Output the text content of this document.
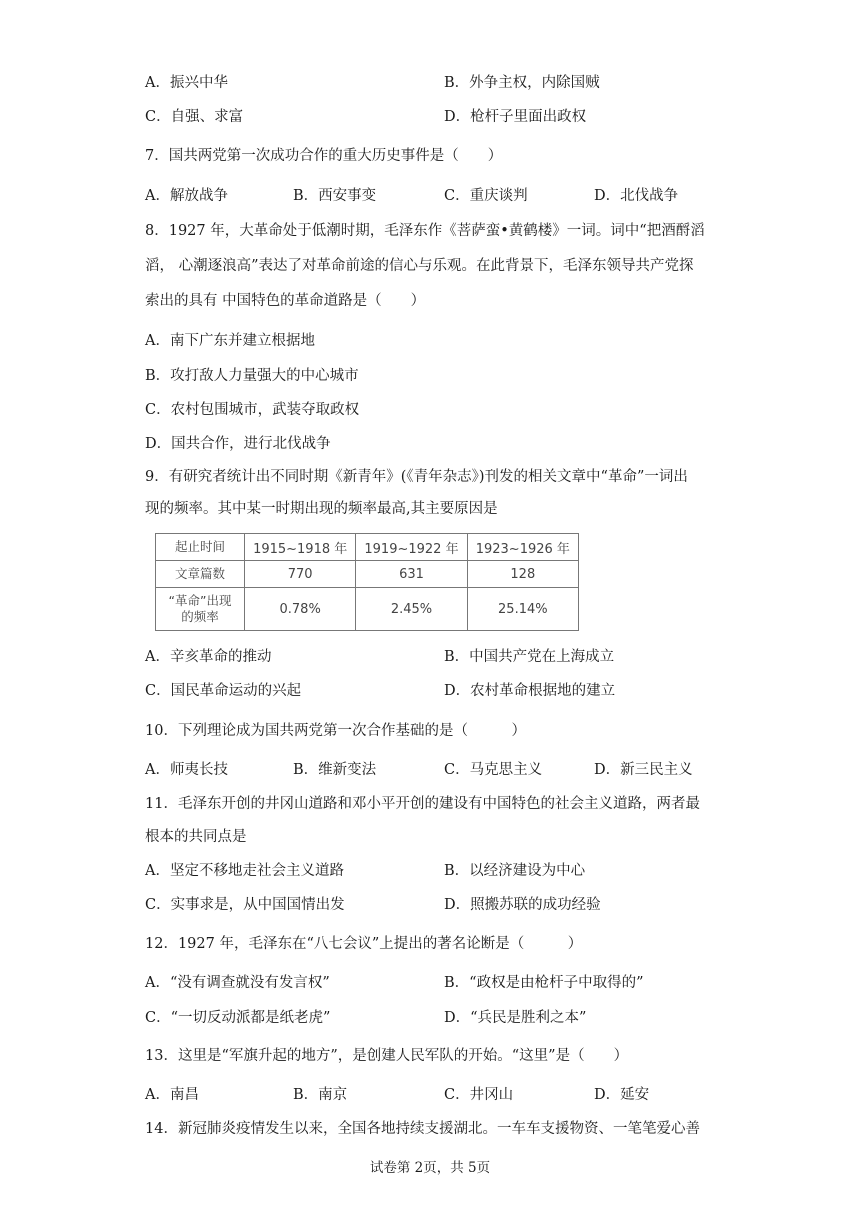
A．振兴中华	B．外争主权，内除国贼
C．自强、求富	D．枪杆子里面出政权
7．国共两党第一次成功合作的重大历史事件是（　　）
A．解放战争	B．西安事变	C．重庆谈判	D．北伐战争
8．1927 年，大革命处于低潮时期，毛泽东作《菩萨蛮•黄鹤楼》一词。词中“把酒酹滔
滔， 心潮逐浪高”表达了对革命前途的信心与乐观。在此背景下，毛泽东领导共产党探
索出的具有 中国特色的革命道路是（　　）
A．南下广东并建立根据地
B．攻打敌人力量强大的中心城市
C．农村包围城市，武装夺取政权
D．国共合作，进行北伐战争
9．有研究者统计出不同时期《新青年》(《青年杂志》)刊发的相关文章中“革命”一词出
现的频率。其中某一时期出现的频率最高,其主要原因是
起止时间	1915~1918 年	1919~1922 年	1923~1926 年
文章篇数	770	631	128

“革命”出现
的频率	0.78%	2.45%	25.14%
A．辛亥革命的推动	B．中国共产党在上海成立
C．国民革命运动的兴起	D．农村革命根据地的建立
10．下列理论成为国共两党第一次合作基础的是（　　　）
A．师夷长技	B．维新变法	C．马克思主义	D．新三民主义
11．毛泽东开创的井冈山道路和邓小平开创的建设有中国特色的社会主义道路，两者最
根本的共同点是
A．坚定不移地走社会主义道路	B．以经济建设为中心
C．实事求是，从中国国情出发	D．照搬苏联的成功经验
12．1927 年，毛泽东在“八七会议”上提出的著名论断是（　　　）
A．“没有调查就没有发言权”	B．“政权是由枪杆子中取得的”
C．“一切反动派都是纸老虎”	D．“兵民是胜利之本”
13．这里是“军旗升起的地方”，是创建人民军队的开始。“这里”是（　　）
A．南昌	B．南京	C．井冈山	D．延安
14．新冠肺炎疫情发生以来，全国各地持续支援湖北。一车车支援物资、一笔笔爱心善
试卷第 2页，共 5页
